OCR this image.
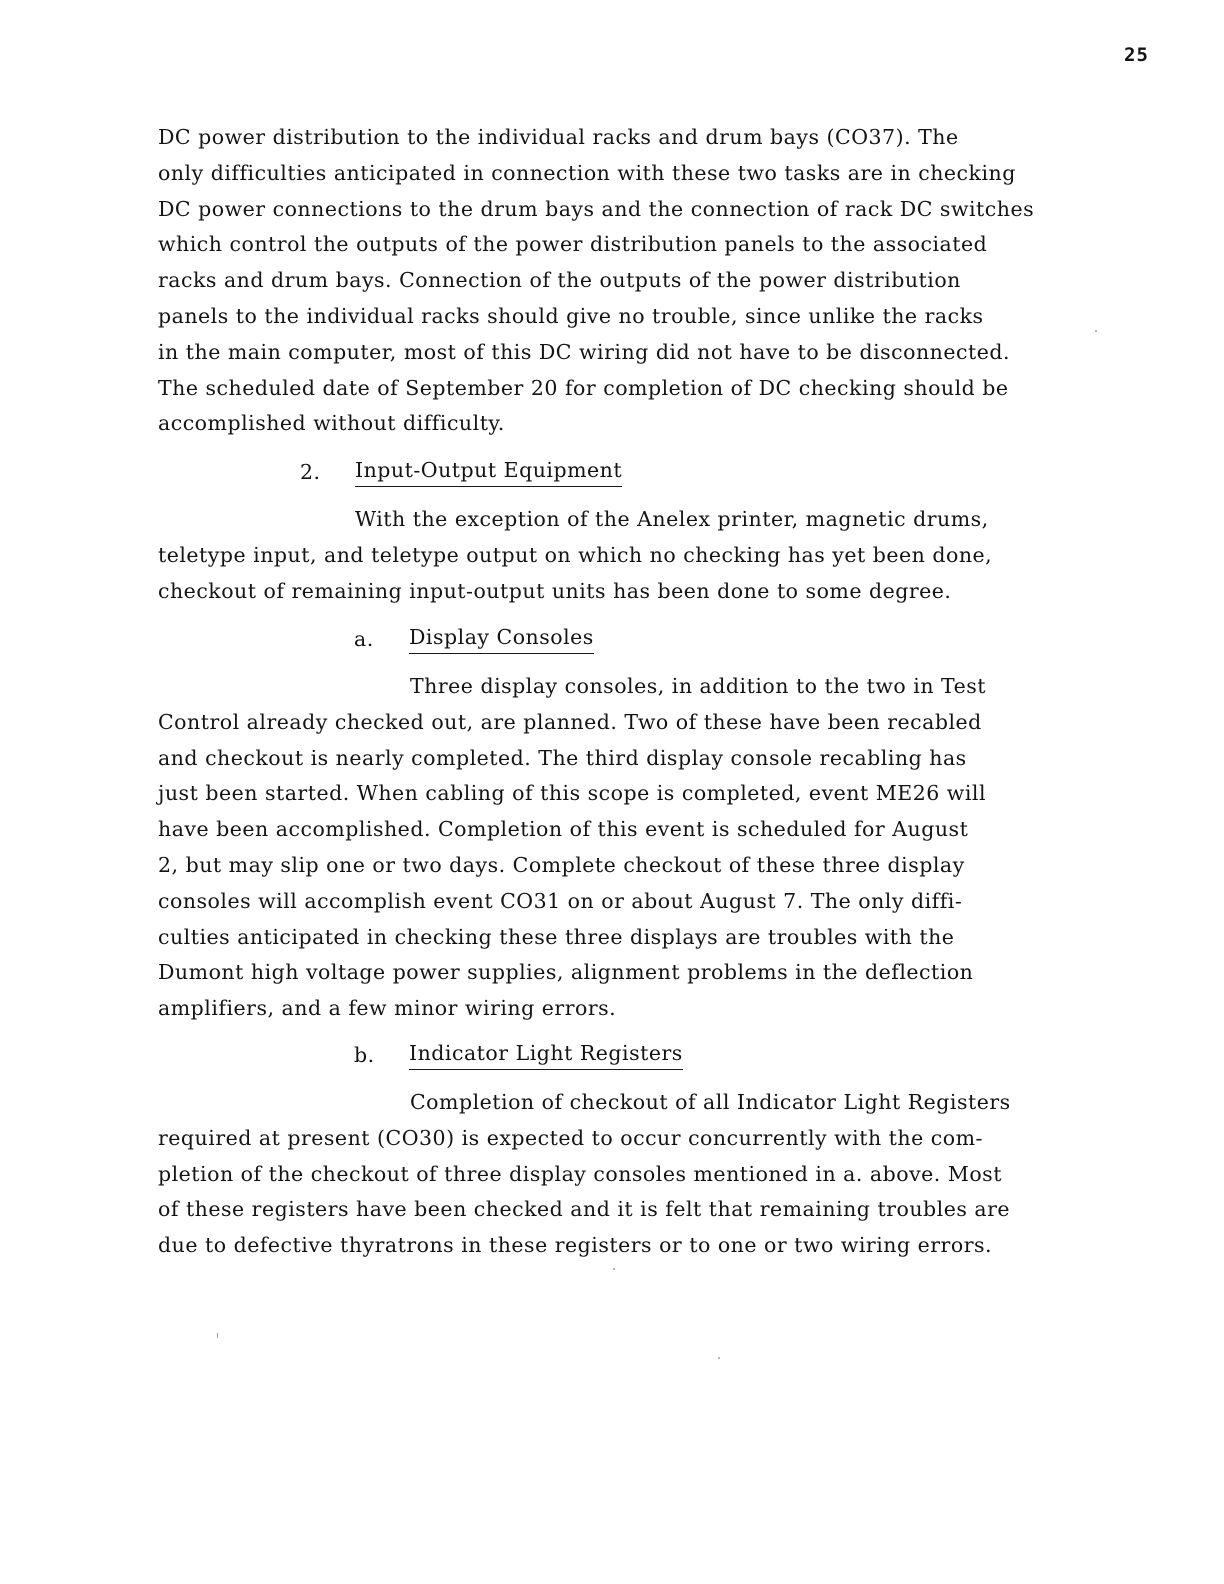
25
DC power distribution to the individual racks and drum bays (CO37). The
only difficulties anticipated in connection with these two tasks are in checking
DC power connections to the drum bays and the connection of rack DC switches
which control the outputs of the power distribution panels to the associated
racks and drum bays. Connection of the outputs of the power distribution
panels to the individual racks should give no trouble, since unlike the racks
in the main computer, most of this DC wiring did not have to be disconnected.
The scheduled date of September 20 for completion of DC checking should be
accomplished without difficulty.
2. Input-Output Equipment
With the exception of the Anelex printer, magnetic drums,
teletype input, and teletype output on which no checking has yet been done,
checkout of remaining input-output units has been done to some degree.
a. Display Consoles
Three display consoles, in addition to the two in Test
Control already checked out, are planned. Two of these have been recabled
and checkout is nearly completed. The third display console recabling has
just been started. When cabling of this scope is completed, event ME26 will
have been accomplished. Completion of this event is scheduled for August
2, but may slip one or two days. Complete checkout of these three display
consoles will accomplish event CO31 on or about August 7. The only diffi-
culties anticipated in checking these three displays are troubles with the
Dumont high voltage power supplies, alignment problems in the deflection
amplifiers, and a few minor wiring errors.
b. Indicator Light Registers
Completion of checkout of all Indicator Light Registers
required at present (CO30) is expected to occur concurrently with the com-
pletion of the checkout of three display consoles mentioned in a. above. Most
of these registers have been checked and it is felt that remaining troubles are
due to defective thyratrons in these registers or to one or two wiring errors.
